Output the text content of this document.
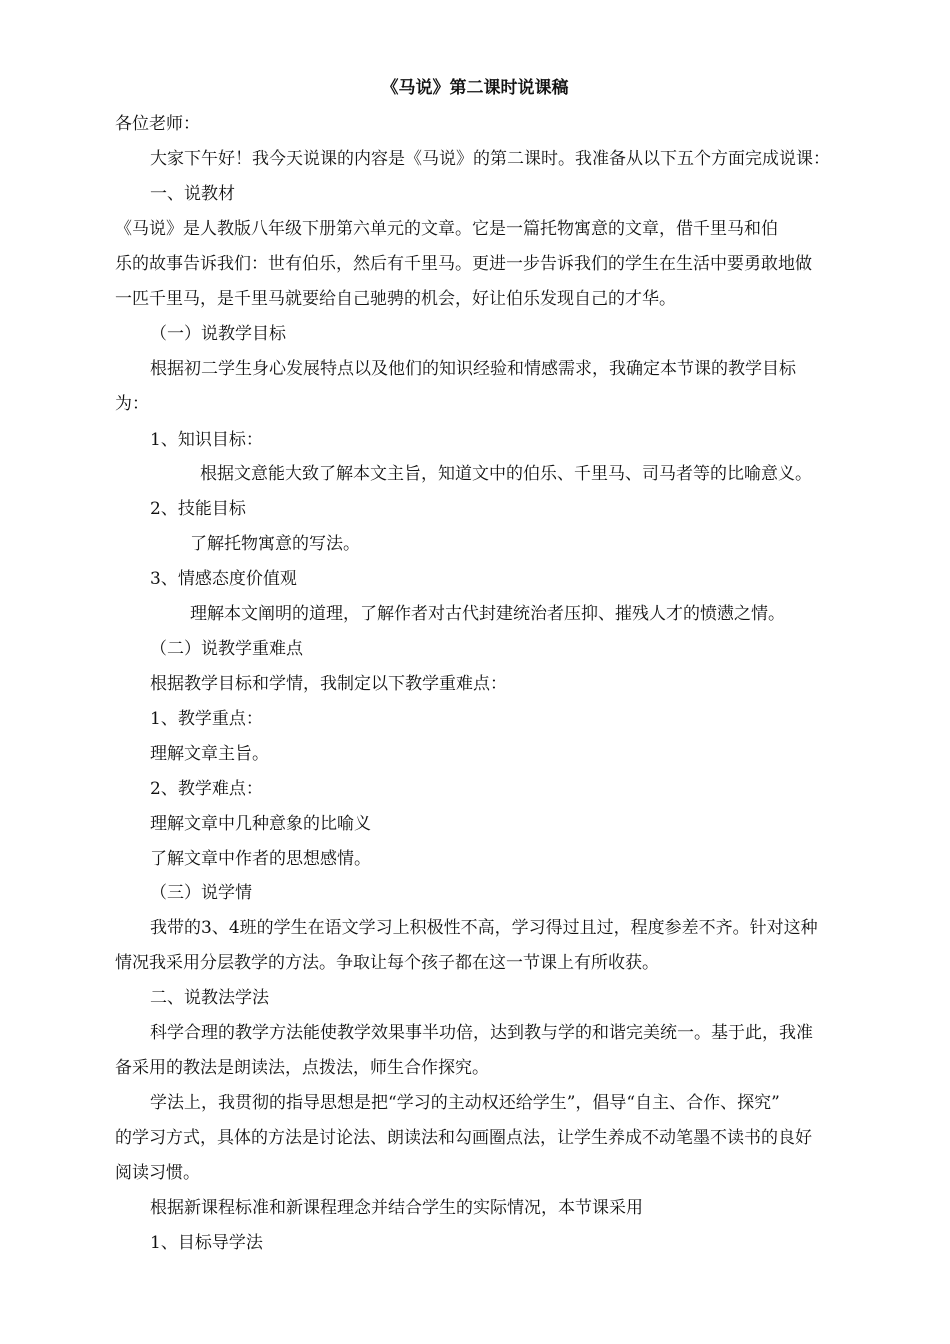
《马说》第二课时说课稿
各位老师：
大家下午好！我今天说课的内容是《马说》的第二课时。我准备从以下五个方面完成说课：
一、说教材
《马说》是人教版八年级下册第六单元的文章。它是一篇托物寓意的文章，借千里马和伯
乐的故事告诉我们：世有伯乐，然后有千里马。更进一步告诉我们的学生在生活中要勇敢地做
一匹千里马，是千里马就要给自己驰骋的机会，好让伯乐发现自己的才华。
（一）说教学目标
根据初二学生身心发展特点以及他们的知识经验和情感需求，我确定本节课的教学目标
为：
1、知识目标：
根据文意能大致了解本文主旨，知道文中的伯乐、千里马、司马者等的比喻意义。
2、技能目标
了解托物寓意的写法。
3、情感态度价值观
理解本文阐明的道理，了解作者对古代封建统治者压抑、摧残人才的愤懑之情。
（二）说教学重难点
根据教学目标和学情，我制定以下教学重难点：
1、教学重点：
理解文章主旨。
2、教学难点：
理解文章中几种意象的比喻义
了解文章中作者的思想感情。
（三）说学情
我带的3、4班的学生在语文学习上积极性不高，学习得过且过，程度参差不齐。针对这种
情况我采用分层教学的方法。争取让每个孩子都在这一节课上有所收获。
二、说教法学法
科学合理的教学方法能使教学效果事半功倍，达到教与学的和谐完美统一。基于此，我准
备采用的教法是朗读法，点拨法，师生合作探究。
学法上，我贯彻的指导思想是把“学习的主动权还给学生”，倡导“自主、合作、探究”
的学习方式，具体的方法是讨论法、朗读法和勾画圈点法，让学生养成不动笔墨不读书的良好
阅读习惯。
根据新课程标准和新课程理念并结合学生的实际情况，本节课采用
1、目标导学法
